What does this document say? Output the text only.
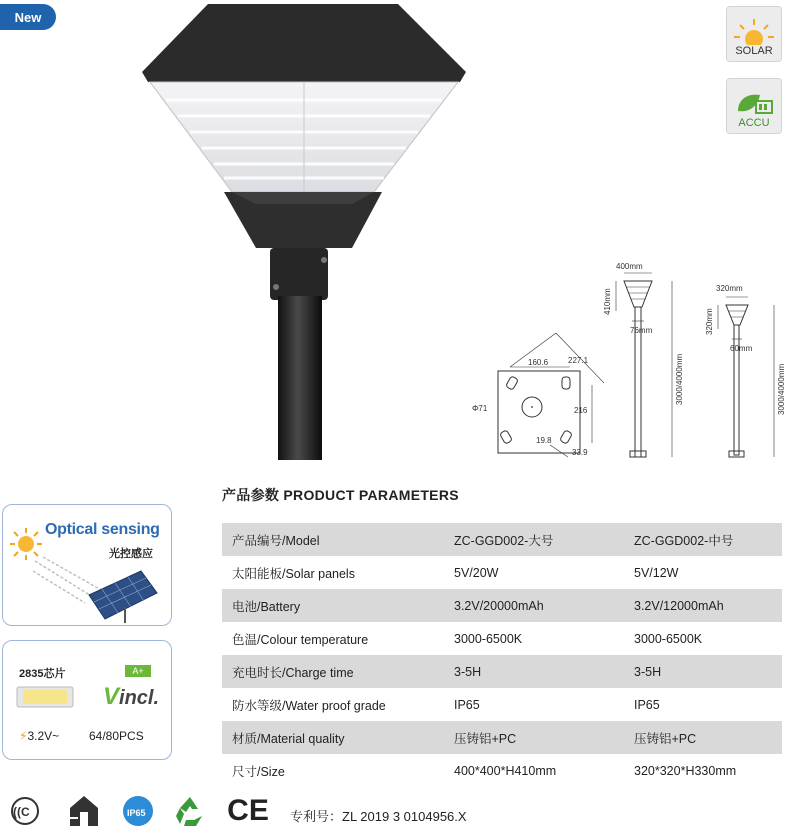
New
SOLAR
ACCU
160.6 227.1
Φ71	216
19.8
33.9
400mm
410mm
76mm
3000/4000mm
320mm
320mm
60mm
3000/4000mm
Optical sensing
光控感应
2835芯片	A+
Vincl.
⚡3.2V~ 64/80PCS
产品参数 PRODUCT PARAMETERS
产品编号/Model	ZC-GGD002-大号	ZC-GGD002-中号
太阳能板/Solar panels	5V/20W	5V/12W
电池/Battery	3.2V/20000mAh	3.2V/12000mAh
色温/Colour temperature	3000-6500K	3000-6500K
充电时长/Charge time	3-5H	3-5H
防水等级/Water proof grade	IP65	IP65
材质/Material quality	压铸铝+PC	压铸铝+PC
尺寸/Size	400*400*H410mm	320*320*H330mm
((C	IP65	CE 专利号：ZL 2019 3 0104956.X
